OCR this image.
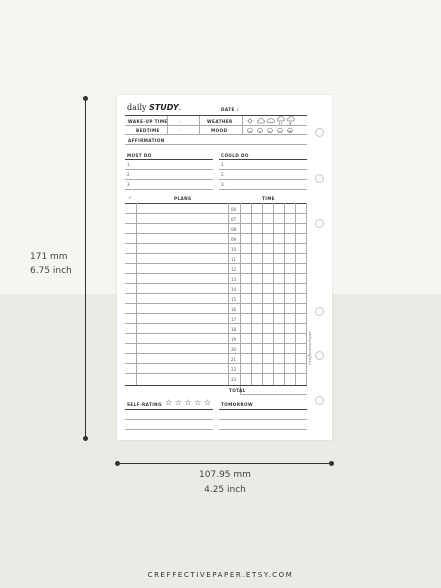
171 mm
6.75 inch
107.95 mm
4.25 inch
daily STUDY.	DATE :
WAKE-UP TIME	:	WEATHER
BEDTIME	:	MOOD
AFFIRMATION
MUST DO	COULD DO
1.
2.
3.
1.
2.
3.
✓	PLANS	TIME
06
07
08
09
10
11
12
13
14
15
16
17
18
19
20
21
22
23
TOTAL
SELF-RATING ☆ ☆ ☆ ☆ ☆ TOMORROW
CreffectivePaper
CREFFECTIVEPAPER.ETSY.COM
